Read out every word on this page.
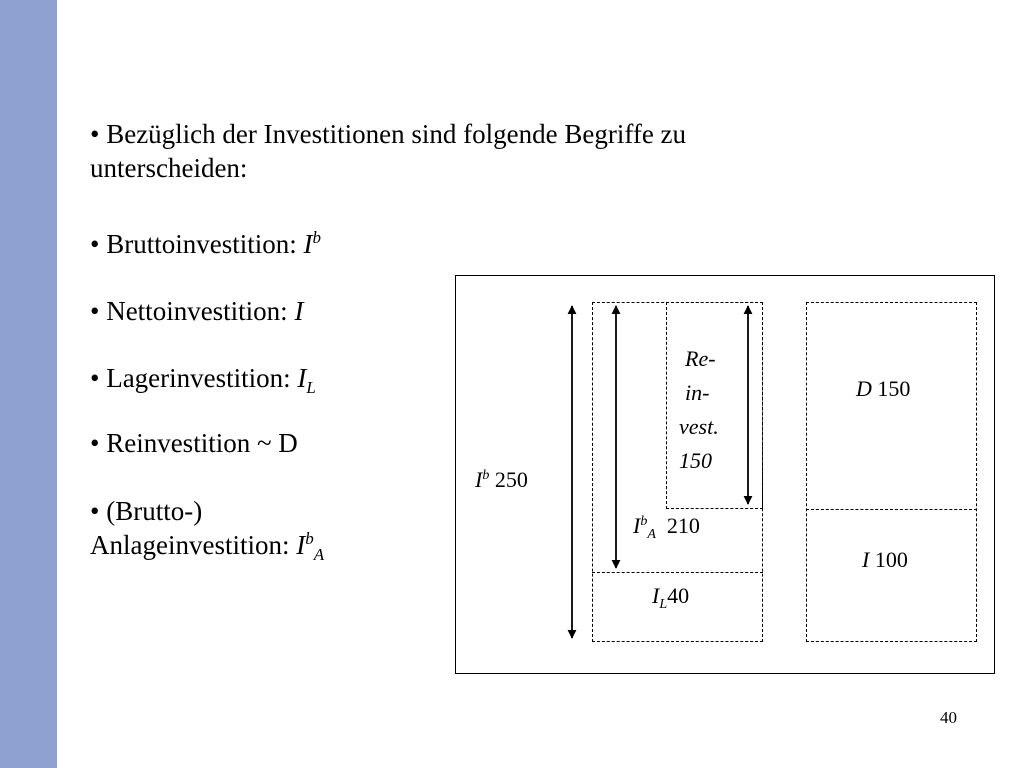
• Bezüglich der Investitionen sind folgende Begriffe zu
unterscheiden:
• Bruttoinvestition: $I^b$
• Nettoinvestition: I
• Lagerinvestition: $I_L$
• Reinvestition ~ D
• (Brutto-)
Anlageinvestition: $I^b_A$
$I^b$ 250
$I^b_A$ 210
Re-
in-
vest.
150
$I_L40$
D 150
I 100
40
